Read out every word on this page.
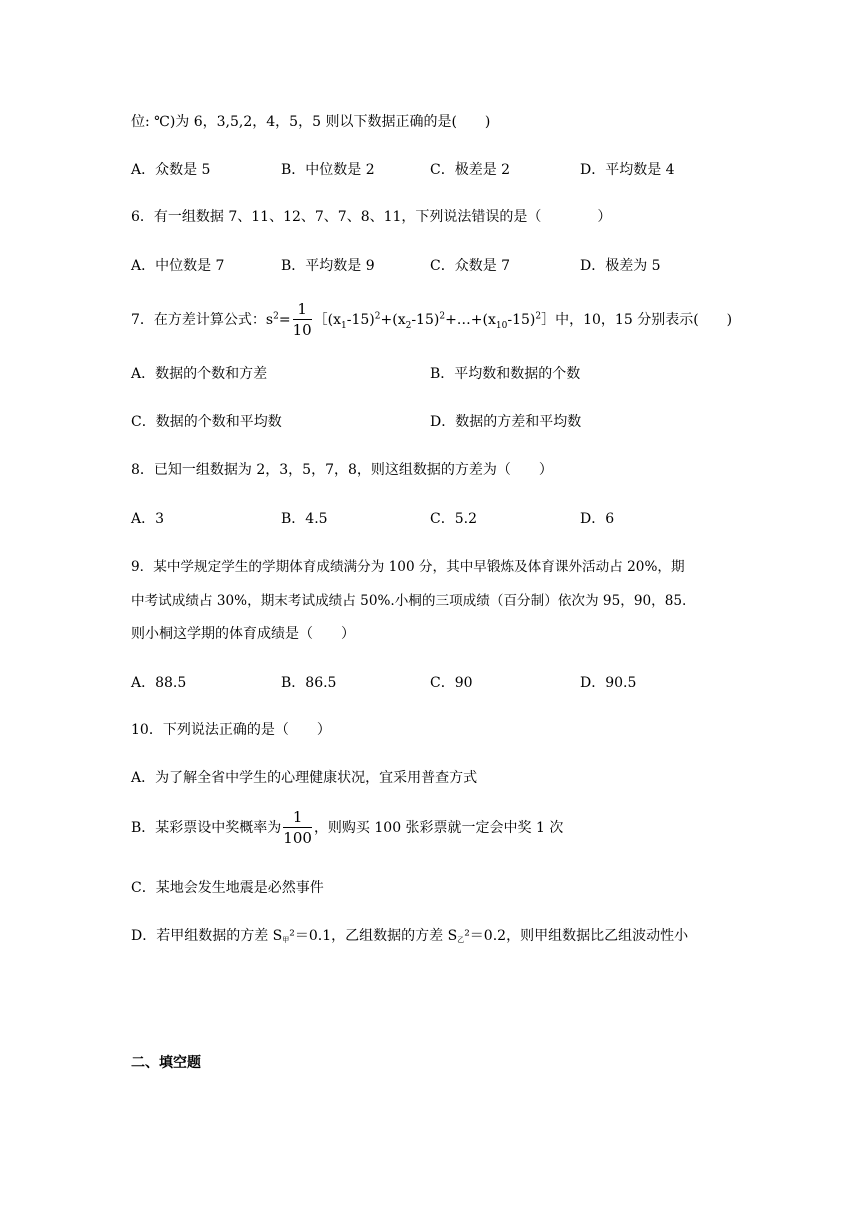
位: ℃)为 6，3,5,2，4，5，5 则以下数据正确的是(　　)
A．众数是 5	B．中位数是 2	C．极差是 2	D．平均数是 4
6．有一组数据 7、11、12、7、7、8、11，下列说法错误的是（　　　　）
A．中位数是 7	B．平均数是 9	C．众数是 7	D．极差为 5
7．在方差计算公式：$s^2= \frac{1}{10}$ $[(x_1-15)^2+(x_2-15)^2+\dots+(x_{10}-15)^2]$中，10，15 分别表示(　　)
A．数据的个数和方差	B．平均数和数据的个数
C．数据的个数和平均数	D．数据的方差和平均数
8．已知一组数据为 2，3，5，7，8，则这组数据的方差为（　　）
A．3	B．4.5	C．5.2	D．6
9．某中学规定学生的学期体育成绩满分为 100 分，其中早锻炼及体育课外活动占 20%，期
中考试成绩占 30%，期末考试成绩占 50%.小桐的三项成绩（百分制）依次为 95，90，85.
则小桐这学期的体育成绩是（　　）
A．88.5	B．86.5	C．90	D．90.5
10．下列说法正确的是（　　）
A．为了解全省中学生的心理健康状况，宜采用普查方式
B．某彩票设中奖概率为 $\frac{1}{100}$ ，则购买 100 张彩票就一定会中奖 1 次
C．某地会发生地震是必然事件
D．若甲组数据的方差 S甲²＝0.1，乙组数据的方差 S乙²＝0.2，则甲组数据比乙组波动性小
二、填空题
